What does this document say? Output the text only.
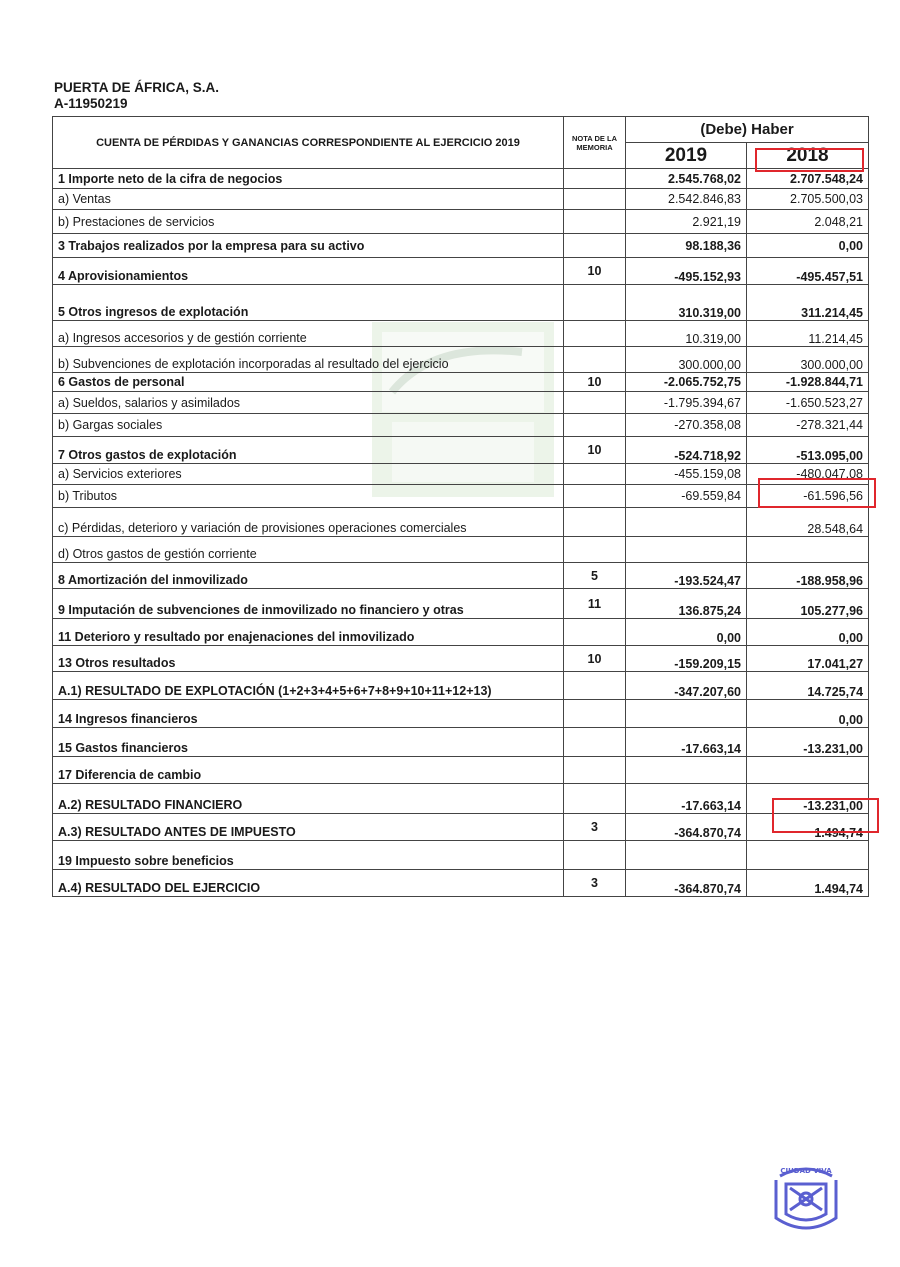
PUERTA DE ÁFRICA, S.A.
A-11950219
CUENTA DE PÉRDIDAS Y GANANCIAS CORRESPONDIENTE AL EJERCICIO 2019	NOTA DE LA MEMORIA	(Debe) Haber	
		2019	2018
1 Importe neto de la cifra de negocios		2.545.768,02	2.707.548,24
a) Ventas		2.542.846,83	2.705.500,03
b) Prestaciones de servicios		2.921,19	2.048,21
3 Trabajos realizados por la empresa para su activo		98.188,36	0,00
4 Aprovisionamientos	10	-495.152,93	-495.457,51
5 Otros ingresos de explotación		310.319,00	311.214,45
a) Ingresos accesorios y de gestión corriente		10.319,00	11.214,45
b) Subvenciones de explotación incorporadas al resultado del ejercicio		300.000,00	300.000,00
6 Gastos de personal	10	-2.065.752,75	-1.928.844,71
a) Sueldos, salarios y asimilados		-1.795.394,67	-1.650.523,27
b) Gargas sociales		-270.358,08	-278.321,44
7 Otros gastos de explotación	10	-524.718,92	-513.095,00
a) Servicios exteriores		-455.159,08	-480.047,08
b) Tributos		-69.559,84	-61.596,56
c) Pérdidas, deterioro y variación de provisiones operaciones comerciales			28.548,64
d) Otros gastos de gestión corriente			
8 Amortización del inmovilizado	5	-193.524,47	-188.958,96
9 Imputación de subvenciones de inmovilizado no financiero y otras	11	136.875,24	105.277,96
11 Deterioro y resultado por enajenaciones del inmovilizado		0,00	0,00
13 Otros resultados	10	-159.209,15	17.041,27
A.1) RESULTADO DE EXPLOTACIÓN (1+2+3+4+5+6+7+8+9+10+11+12+13)		-347.207,60	14.725,74
14 Ingresos financieros			0,00
15 Gastos financieros		-17.663,14	-13.231,00
17 Diferencia de cambio			
A.2) RESULTADO FINANCIERO		-17.663,14	-13.231,00
A.3) RESULTADO ANTES DE IMPUESTO	3	-364.870,74	1.494,74
19 Impuesto sobre beneficios			
A.4) RESULTADO DEL EJERCICIO	3	-364.870,74	1.494,74
CIUDAD VIVA
